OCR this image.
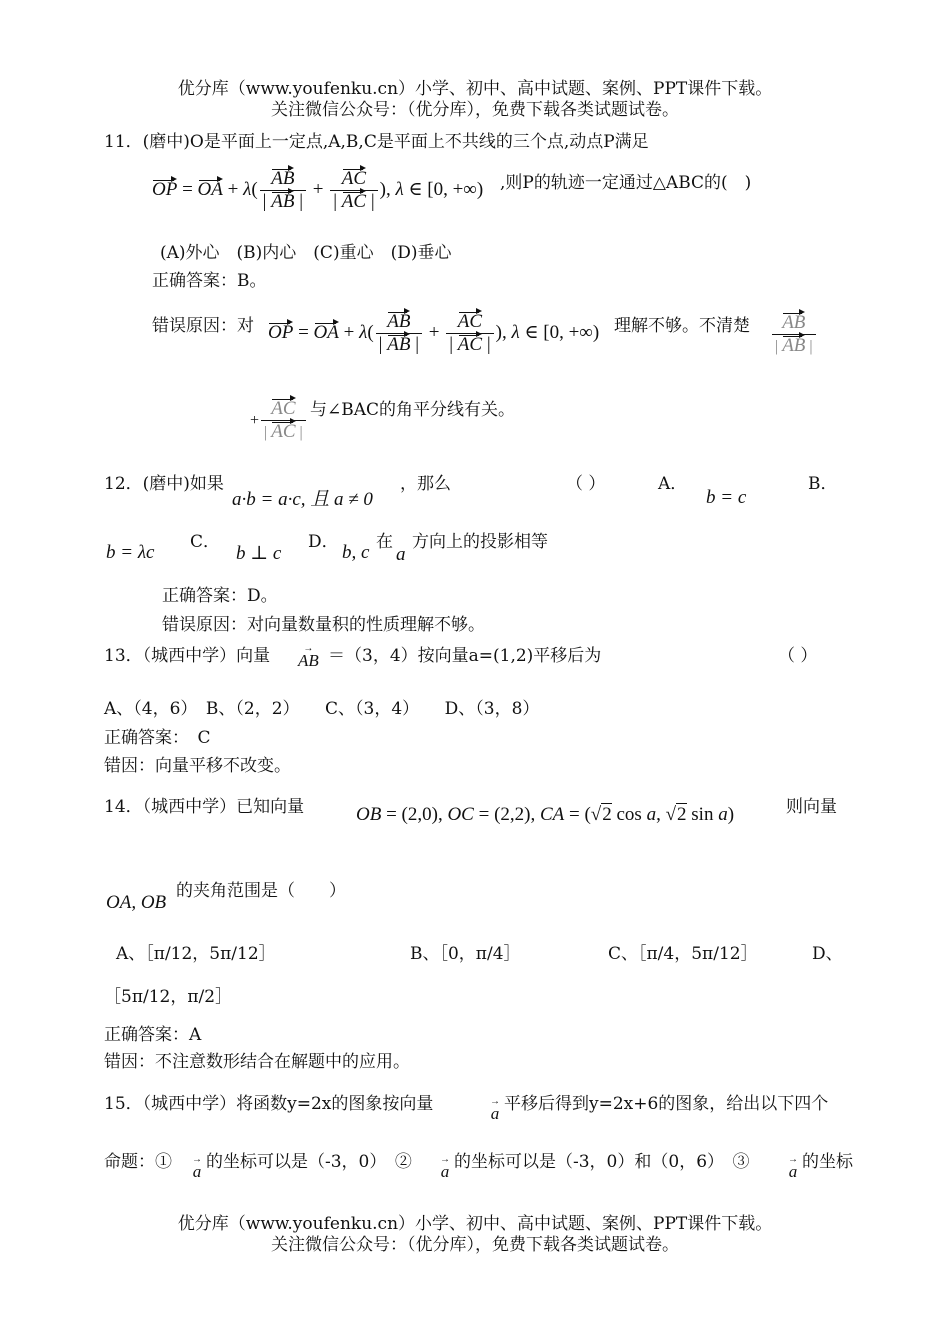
优分库（www.youfenku.cn）小学、初中、高中试题、案例、PPT课件下载。
关注微信公众号：（优分库），免费下载各类试题试卷。
11．(磨中)O是平面上一定点,A,B,C是平面上不共线的三个点,动点P满足
OP = OA + $\lambda( \frac{AB}{| AB |} + \frac{AC}{| AC |}$ ), λ ∈ [0, +∞) ,则P的轨迹一定通过△ABC的(　)
(A)外心　(B)内心　(C)重心　(D)垂心
正确答案：B。
错误原因：对 OP = OA + $\lambda( \frac{AB}{| AB |} + \frac{AC}{| AC |}$ ), λ ∈ [0, +∞) 理解不够。不清楚 $\frac{AB}{| AB |}$
+ $\frac{AC}{| AC |}$ 与∠BAC的角平分线有关。
12．(磨中)如果
a·b = a·c, 且 a ≠ 0
，那么	（ ）	A．
b = c
B．
b = λc C．
b ⊥ c
D． b, c 在
a
方向上的投影相等
正确答案：D。
错误原因：对向量数量积的性质理解不够。
13．（城西中学）向量	→
AB ＝（3，4）按向量a=(1,2)平移后为	（ ）
A、（4，6）　B、（2，2）　　C、（3，4）　　D、（3，8）
正确答案：　C
错因：向量平移不改变。
14．（城西中学）已知向量	OB = (2,0), OC = (2,2), CA = (√2 cos a, √2 sin a)	则向量
OA, OB
的夹角范围是（　　）
A、［π/12，5π/12］	B、［0，π/4］	C、［π/4，5π/12］	D、
［5π/12，π/2］
正确答案：A
错因：不注意数形结合在解题中的应用。
15．（城西中学）将函数y=2x的图象按向量	→
a 平移后得到y=2x+6的图象，给出以下四个
命题：① →
a 的坐标可以是（-3，0）　②	→
a 的坐标可以是（-3，0）和（0，6）　③	→
a 的坐标
优分库（www.youfenku.cn）小学、初中、高中试题、案例、PPT课件下载。
关注微信公众号：（优分库），免费下载各类试题试卷。
